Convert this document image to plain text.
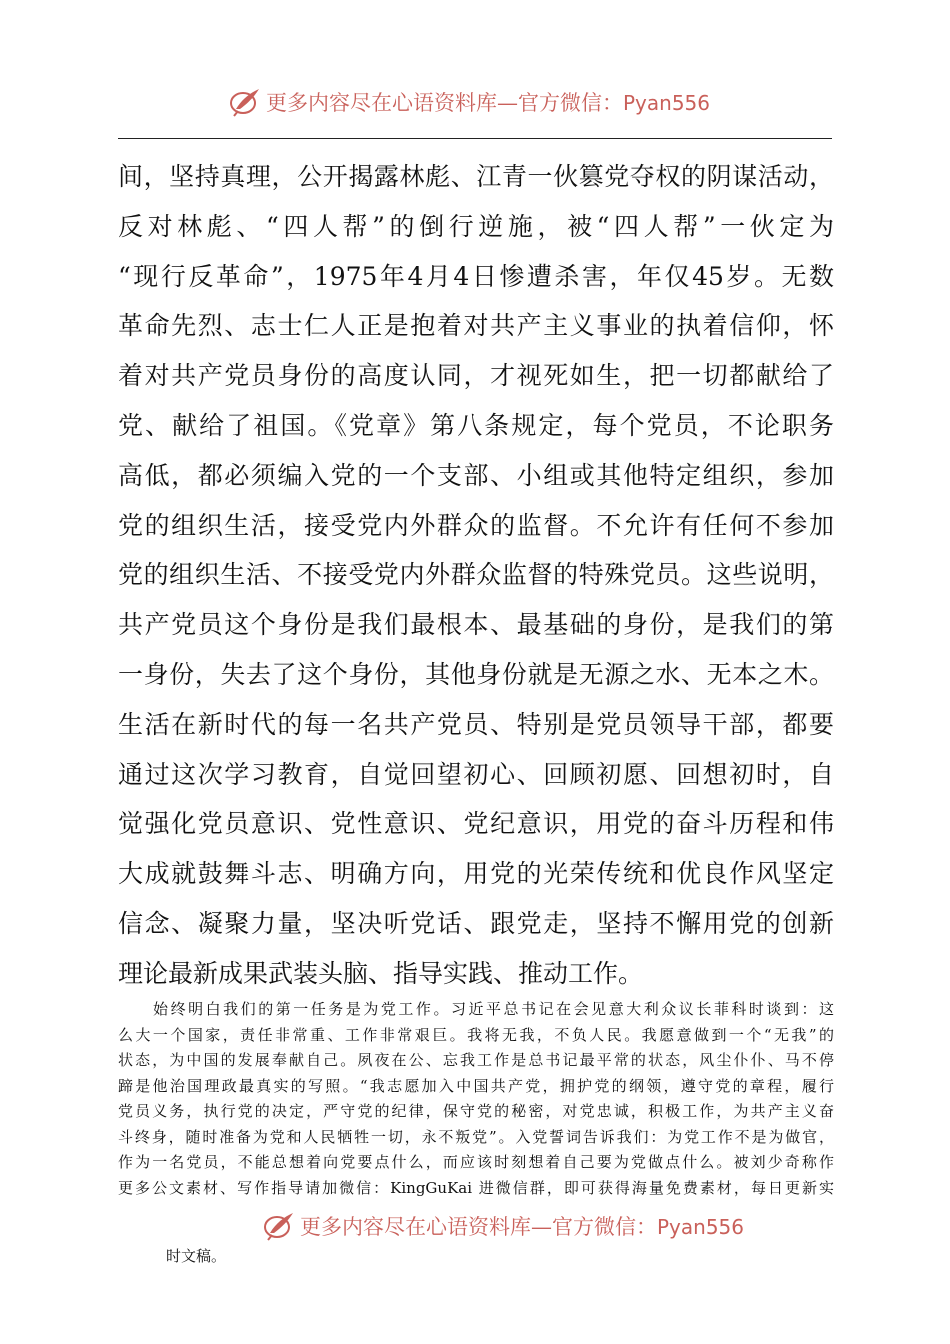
更多内容尽在心语资料库—官方微信：Pyan556
间，坚持真理，公开揭露林彪、江青一伙篡党夺权的阴谋活动，
反对林彪、“四人帮”的倒行逆施，被“四人帮”一伙定为
“现行反革命”，1975年4月4日惨遭杀害，年仅45岁。无数
革命先烈、志士仁人正是抱着对共产主义事业的执着信仰，怀
着对共产党员身份的高度认同，才视死如生，把一切都献给了
党、献给了祖国。《党章》第八条规定，每个党员，不论职务
高低，都必须编入党的一个支部、小组或其他特定组织，参加
党的组织生活，接受党内外群众的监督。不允许有任何不参加
党的组织生活、不接受党内外群众监督的特殊党员。这些说明，
共产党员这个身份是我们最根本、最基础的身份，是我们的第
一身份，失去了这个身份，其他身份就是无源之水、无本之木。
生活在新时代的每一名共产党员、特别是党员领导干部，都要
通过这次学习教育，自觉回望初心、回顾初愿、回想初时，自
觉强化党员意识、党性意识、党纪意识，用党的奋斗历程和伟
大成就鼓舞斗志、明确方向，用党的光荣传统和优良作风坚定
信念、凝聚力量，坚决听党话、跟党走，坚持不懈用党的创新
理论最新成果武装头脑、指导实践、推动工作。
　　始终明白我们的第一任务是为党工作。习近平总书记在会见意大利众议长菲科时谈到：这
么大一个国家，责任非常重、工作非常艰巨。我将无我，不负人民。我愿意做到一个“无我”的
状态，为中国的发展奉献自己。夙夜在公、忘我工作是总书记最平常的状态，风尘仆仆、马不停
蹄是他治国理政最真实的写照。“我志愿加入中国共产党，拥护党的纲领，遵守党的章程，履行
党员义务，执行党的决定，严守党的纪律，保守党的秘密，对党忠诚，积极工作，为共产主义奋
斗终身，随时准备为党和人民牺牲一切，永不叛党”。入党誓词告诉我们：为党工作不是为做官，
作为一名党员，不能总想着向党要点什么，而应该时刻想着自己要为党做点什么。被刘少奇称作
更多公文素材、写作指导请加微信：KingGuKai 进微信群，即可获得海量免费素材，每日更新实
更多内容尽在心语资料库—官方微信：Pyan556
时文稿。
